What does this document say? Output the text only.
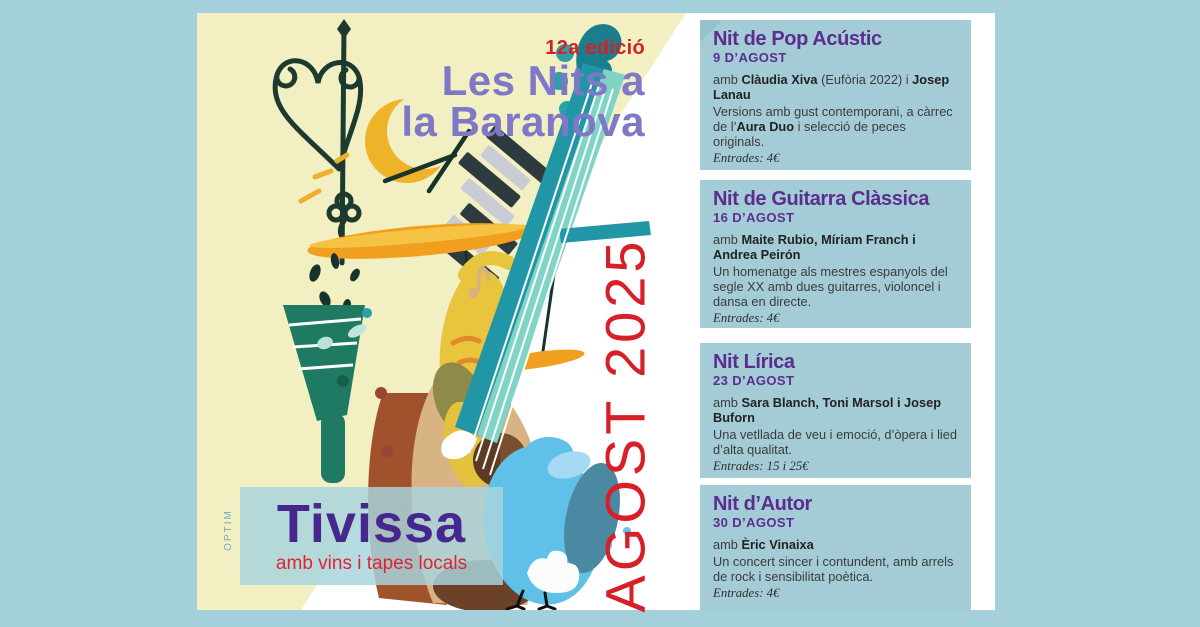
12a edició
Les Nits a
la Baranova
AGOST 2025
Tivissa
amb vins i tapes locals
OPTIM
Nit de Pop Acústic
9 D’AGOST

amb Clàudia Xiva (Eufòria 2022) i Josep Lanau

Versions amb gust contemporani, a càrrec de l’Aura Duo i selecció de peces originals.

Entrades: 4€

Nit de Guitarra Clàssica
16 D’AGOST

amb Maite Rubio, Míriam Franch i Andrea Peirón

Un homenatge als mestres espanyols del segle XX amb dues guitarres, violoncel i dansa en directe.

Entrades: 4€

Nit Lírica
23 D’AGOST

amb Sara Blanch, Toni Marsol i Josep Buforn

Una vetllada de veu i emoció, d’òpera i lied d’alta qualitat.

Entrades: 15 i 25€

Nit d’Autor
30 D’AGOST

amb Èric Vinaixa

Un concert sincer i contundent, amb arrels de rock i sensibilitat poètica.

Entrades: 4€
